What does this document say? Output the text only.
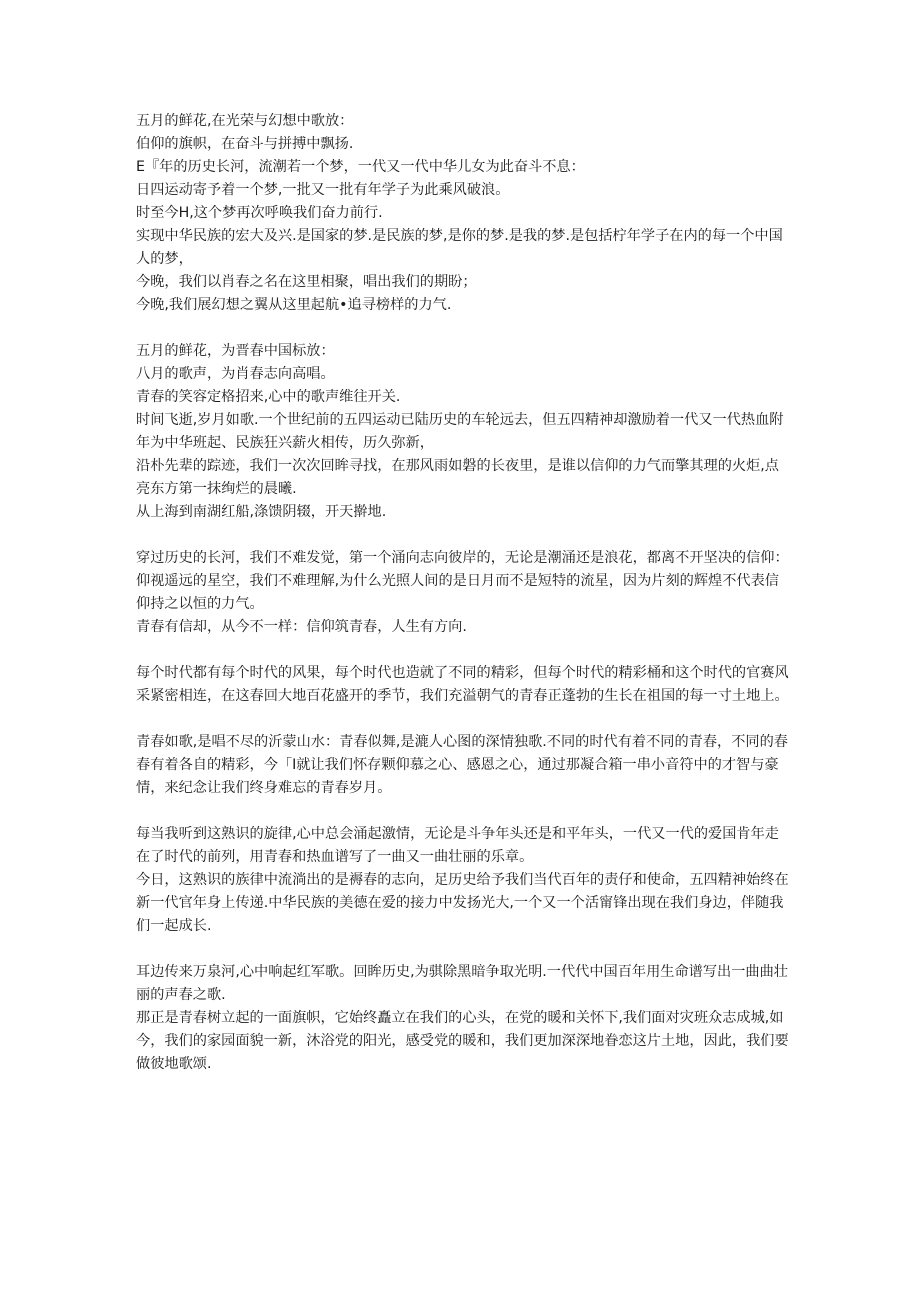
五月的鲜花,在光荣与幻想中歌放：
伯仰的旗帜，在奋斗与拼搏中飘扬.
E『年的历史长河，流潮若一个梦，一代又一代中华儿女为此奋斗不息：
日四运动寄予着一个梦,一批又一批有年学子为此乘风破浪。
时至今H,这个梦再次呼唤我们奋力前行.
实现中华民族的宏大及兴.是国家的梦.是民族的梦,是你的梦.是我的梦.是包括柠年学子在内的每一个中国人的梦，
今晚，我们以肖春之名在这里相聚，唱出我们的期盼；
今晚,我们展幻想之翼从这里起航•追寻榜样的力气.
五月的鲜花，为晋春中国标放：
八月的歌声，为肖春志向高唱。
青春的笑容定格招来,心中的歌声维往开关.
时间飞逝,岁月如歌.一个世纪前的五四运动已陆历史的车轮远去，但五四精神却激励着一代又一代热血附年为中华班起、民族狂兴薪火相传，历久弥新，
沿朴先辈的踪迹，我们一次次回眸寻找，在那风雨如磐的长夜里，是谁以信仰的力气而擎其理的火炬,点亮东方第一抹绚烂的晨曦.
从上海到南湖红船,涤馈阴辍，开天擀地.
穿过历史的长河，我们不难发觉，第一个涌向志向彼岸的，无论是潮涌还是浪花，都离不开坚决的信仰：
仰视遥远的星空，我们不难理解,为什么光照人间的是日月而不是短特的流星，因为片刻的辉煌不代表信仰持之以恒的力气。
青春有信却，从今不一样：信仰筑青春，人生有方向.
每个时代都有每个时代的风果，每个时代也造就了不同的精彩，但每个时代的精彩桶和这个时代的官赛风采紧密相连，在这春回大地百花盛开的季节，我们充溢朝气的青春正蓬勃的生长在祖国的每一寸土地上。
青春如歌,是唱不尽的沂蒙山水：青春似舞,是漉人心图的深情独歌.不同的时代有着不同的青春，不同的春春有着各自的精彩，今「I就让我们怀存颗仰慕之心、感恩之心，通过那凝合箱一串小音符中的才智与豪情，来纪念让我们终身难忘的青春岁月。
每当我听到这熟识的旋律,心中总会涌起激情，无论是斗争年头还是和平年头，一代又一代的爱国肯年走在了时代的前列，用青春和热血谱写了一曲又一曲壮丽的乐章。
今日，这熟识的族律中流淌出的是褥春的志向，足历史给予我们当代百年的责仔和使命，五四精神始终在新一代官年身上传递.中华民族的美德在爱的接力中发扬光大,一个又一个活甯锋出现在我们身边，伴随我们一起成长.
耳边传来万泉河,心中响起红军歌。回眸历史,为骐除黑暗争取光明.一代代中国百年用生命谱写出一曲曲壮丽的声春之歌.
那正是青春树立起的一面旗帜，它始终矗立在我们的心头，在党的暖和关怀下,我们面对灾班众志成城,如今，我们的家园面貌一新，沐浴党的阳光，感受党的暖和，我们更加深深地眷恋这片土地，因此，我们要做彼地歌颂.
